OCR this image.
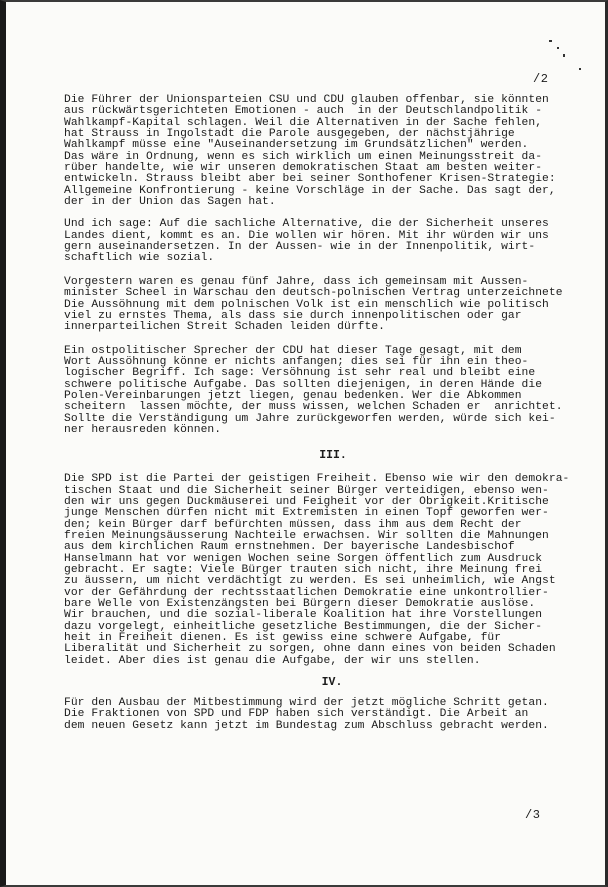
/2

Die Führer der Unionsparteien CSU und CDU glauben offenbar, sie könnten
aus rückwärtsgerichteten Emotionen - auch  in der Deutschlandpolitik -
Wahlkampf-Kapital schlagen. Weil die Alternativen in der Sache fehlen,
hat Strauss in Ingolstadt die Parole ausgegeben, der nächstjährige
Wahlkampf müsse eine "Auseinandersetzung im Grundsätzlichen" werden.
Das wäre in Ordnung, wenn es sich wirklich um einen Meinungsstreit da-
rüber handelte, wie wir unseren demokratischen Staat am besten weiter-
entwickeln. Strauss bleibt aber bei seiner Sonthofener Krisen-Strategie:
Allgemeine Konfrontierung - keine Vorschläge in der Sache. Das sagt der,
der in der Union das Sagen hat.

Und ich sage: Auf die sachliche Alternative, die der Sicherheit unseres
Landes dient, kommt es an. Die wollen wir hören. Mit ihr würden wir uns
gern auseinandersetzen. In der Aussen- wie in der Innenpolitik, wirt-
schaftlich wie sozial.

Vorgestern waren es genau fünf Jahre, dass ich gemeinsam mit Aussen-
minister Scheel in Warschau den deutsch-polnischen Vertrag unterzeichnete
Die Aussöhnung mit dem polnischen Volk ist ein menschlich wie politisch
viel zu ernstes Thema, als dass sie durch innenpolitischen oder gar
innerparteilichen Streit Schaden leiden dürfte.

Ein ostpolitischer Sprecher der CDU hat dieser Tage gesagt, mit dem
Wort Aussöhnung könne er nichts anfangen; dies sei für ihn ein theo-
logischer Begriff. Ich sage: Versöhnung ist sehr real und bleibt eine
schwere politische Aufgabe. Das sollten diejenigen, in deren Hände die
Polen-Vereinbarungen jetzt liegen, genau bedenken. Wer die Abkommen
scheitern  lassen möchte, der muss wissen, welchen Schaden er  anrichtet.
Sollte die Verständigung um Jahre zurückgeworfen werden, würde sich kei-
ner herausreden können.

III.

Die SPD ist die Partei der geistigen Freiheit. Ebenso wie wir den demokra-
tischen Staat und die Sicherheit seiner Bürger verteidigen, ebenso wen-
den wir uns gegen Duckmäuserei und Feigheit vor der Obrigkeit.Kritische
junge Menschen dürfen nicht mit Extremisten in einen Topf geworfen wer-
den; kein Bürger darf befürchten müssen, dass ihm aus dem Recht der
freien Meinungsäusserung Nachteile erwachsen. Wir sollten die Mahnungen
aus dem kirchlichen Raum ernstnehmen. Der bayerische Landesbischof
Hanselmann hat vor wenigen Wochen seine Sorgen öffentlich zum Ausdruck
gebracht. Er sagte: Viele Bürger trauten sich nicht, ihre Meinung frei
zu äussern, um nicht verdächtigt zu werden. Es sei unheimlich, wie Angst
vor der Gefährdung der rechtsstaatlichen Demokratie eine unkontrollier-
bare Welle von Existenzängsten bei Bürgern dieser Demokratie auslöse.
Wir brauchen, und die sozial-liberale Koalition hat ihre Vorstellungen
dazu vorgelegt, einheitliche gesetzliche Bestimmungen, die der Sicher-
heit in Freiheit dienen. Es ist gewiss eine schwere Aufgabe, für
Liberalität und Sicherheit zu sorgen, ohne dann eines von beiden Schaden
leidet. Aber dies ist genau die Aufgabe, der wir uns stellen.

IV.

Für den Ausbau der Mitbestimmung wird der jetzt mögliche Schritt getan.
Die Fraktionen von SPD und FDP haben sich verständigt. Die Arbeit an
dem neuen Gesetz kann jetzt im Bundestag zum Abschluss gebracht werden.

/3
